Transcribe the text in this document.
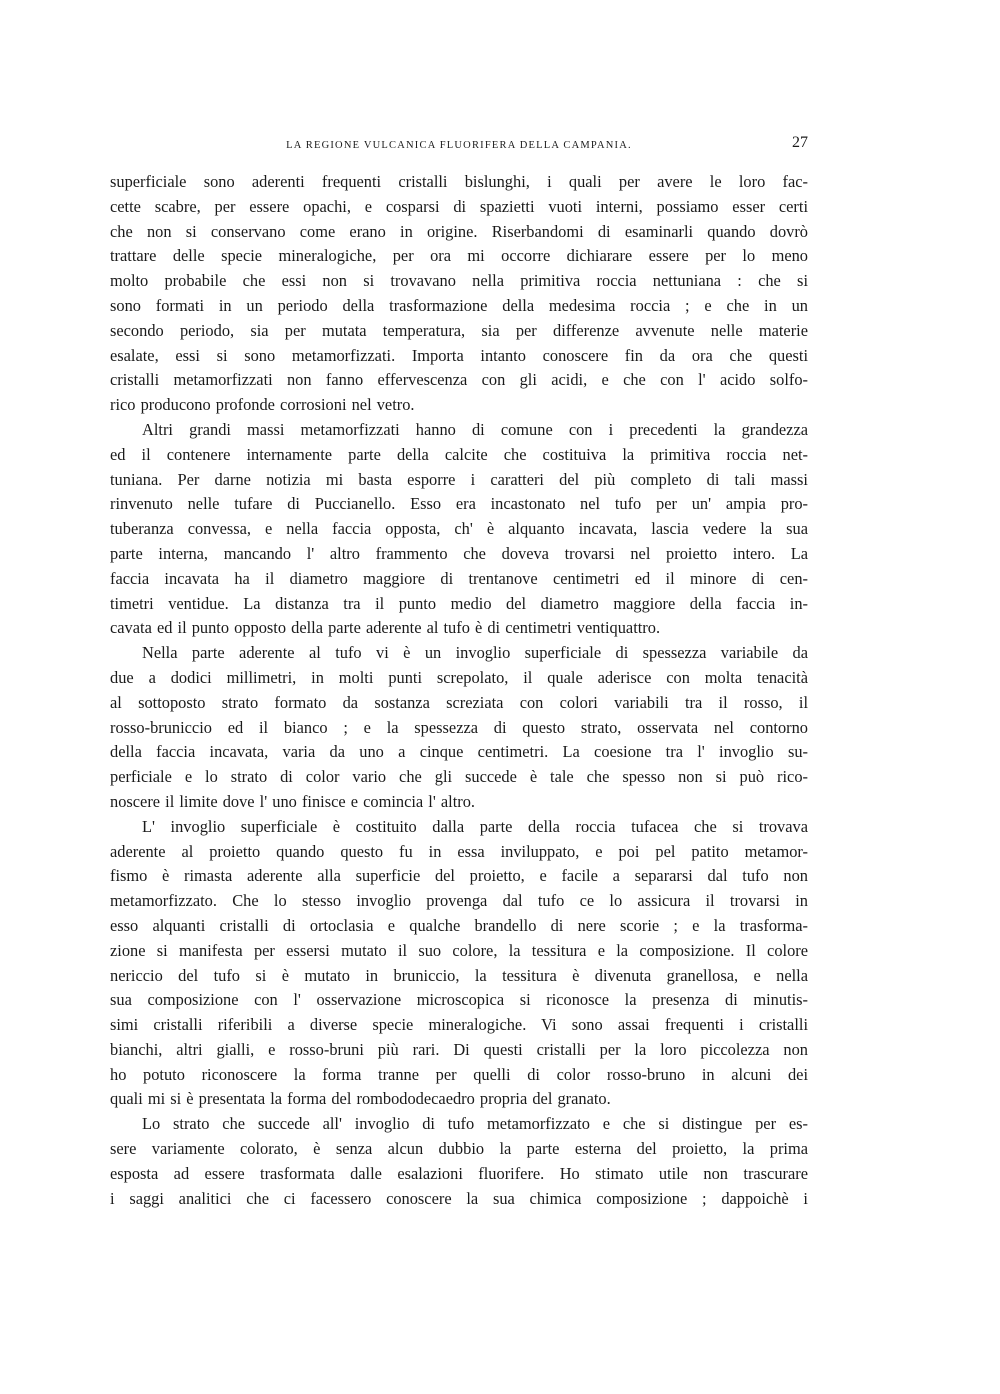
LA REGIONE VULCANICA FLUORIFERA DELLA CAMPANIA.	27
superficiale sono aderenti frequenti cristalli bislunghi, i quali per avere le loro fac-
cette scabre, per essere opachi, e cosparsi di spazietti vuoti interni, possiamo esser certi
che non si conservano come erano in origine. Riserbandomi di esaminarli quando dovrò
trattare delle specie mineralogiche, per ora mi occorre dichiarare essere per lo meno
molto probabile che essi non si trovavano nella primitiva roccia nettuniana : che si
sono formati in un periodo della trasformazione della medesima roccia ; e che in un
secondo periodo, sia per mutata temperatura, sia per differenze avvenute nelle materie
esalate, essi si sono metamorfizzati. Importa intanto conoscere fin da ora che questi
cristalli metamorfizzati non fanno effervescenza con gli acidi, e che con l' acido solfo-
rico producono profonde corrosioni nel vetro.
Altri grandi massi metamorfizzati hanno di comune con i precedenti la grandezza
ed il contenere internamente parte della calcite che costituiva la primitiva roccia net-
tuniana. Per darne notizia mi basta esporre i caratteri del più completo di tali massi
rinvenuto nelle tufare di Puccianello. Esso era incastonato nel tufo per un' ampia pro-
tuberanza convessa, e nella faccia opposta, ch' è alquanto incavata, lascia vedere la sua
parte interna, mancando l' altro frammento che doveva trovarsi nel proietto intero. La
faccia incavata ha il diametro maggiore di trentanove centimetri ed il minore di cen-
timetri ventidue. La distanza tra il punto medio del diametro maggiore della faccia in-
cavata ed il punto opposto della parte aderente al tufo è di centimetri ventiquattro.
Nella parte aderente al tufo vi è un invoglio superficiale di spessezza variabile da
due a dodici millimetri, in molti punti screpolato, il quale aderisce con molta tenacità
al sottoposto strato formato da sostanza screziata con colori variabili tra il rosso, il
rosso-bruniccio ed il bianco ; e la spessezza di questo strato, osservata nel contorno
della faccia incavata, varia da uno a cinque centimetri. La coesione tra l' invoglio su-
perficiale e lo strato di color vario che gli succede è tale che spesso non si può rico-
noscere il limite dove l' uno finisce e comincia l' altro.
L' invoglio superficiale è costituito dalla parte della roccia tufacea che si trovava
aderente al proietto quando questo fu in essa inviluppato, e poi pel patito metamor-
fismo è rimasta aderente alla superficie del proietto, e facile a separarsi dal tufo non
metamorfizzato. Che lo stesso invoglio provenga dal tufo ce lo assicura il trovarsi in
esso alquanti cristalli di ortoclasia e qualche brandello di nere scorie ; e la trasforma-
zione si manifesta per essersi mutato il suo colore, la tessitura e la composizione. Il colore
nericcio del tufo si è mutato in bruniccio, la tessitura è divenuta granellosa, e nella
sua composizione con l' osservazione microscopica si riconosce la presenza di minutis-
simi cristalli riferibili a diverse specie mineralogiche. Vi sono assai frequenti i cristalli
bianchi, altri gialli, e rosso-bruni più rari. Di questi cristalli per la loro piccolezza non
ho potuto riconoscere la forma tranne per quelli di color rosso-bruno in alcuni dei
quali mi si è presentata la forma del rombododecaedro propria del granato.
Lo strato che succede all' invoglio di tufo metamorfizzato e che si distingue per es-
sere variamente colorato, è senza alcun dubbio la parte esterna del proietto, la prima
esposta ad essere trasformata dalle esalazioni fluorifere. Ho stimato utile non trascurare
i saggi analitici che ci facessero conoscere la sua chimica composizione ; dappoichè i
